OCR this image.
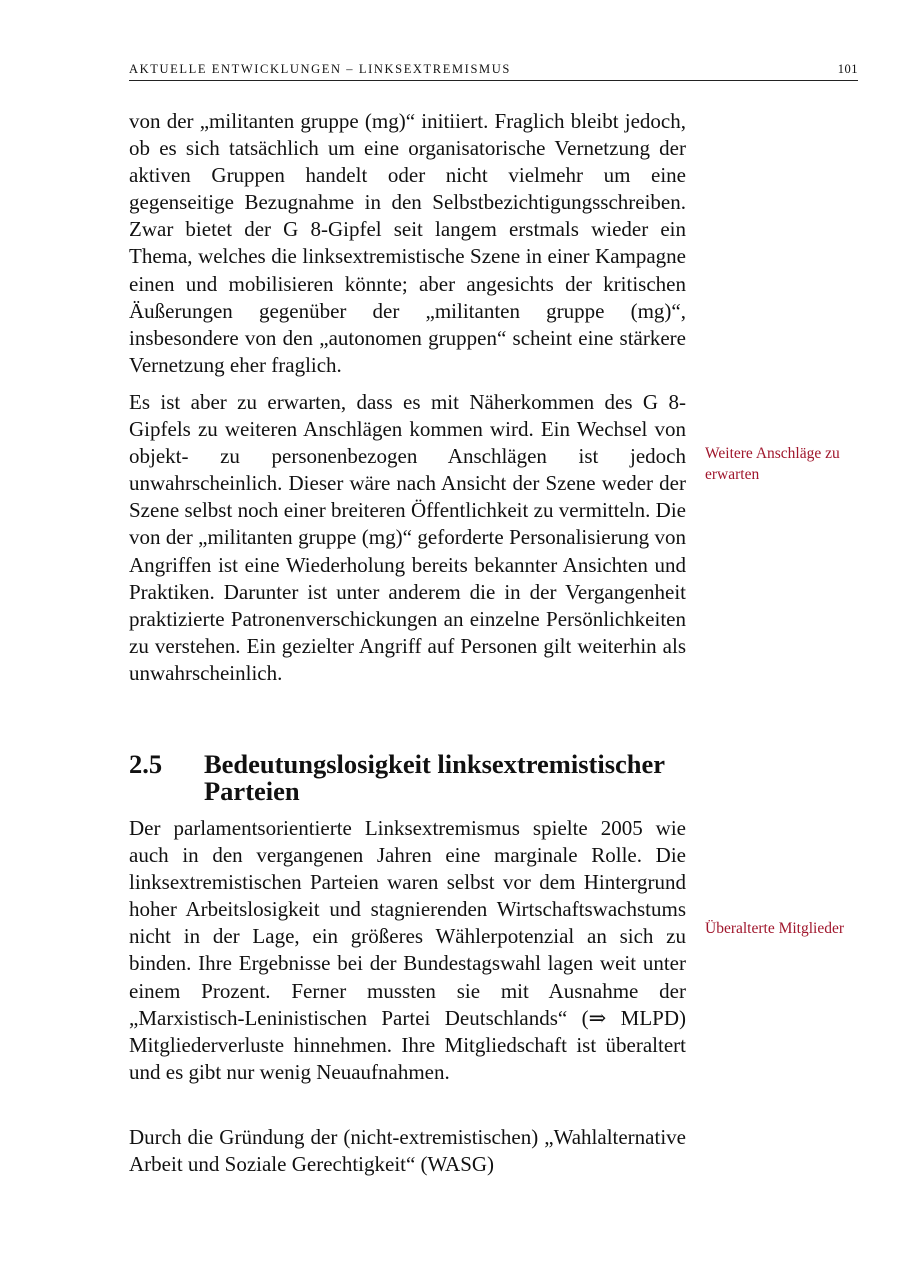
AKTUELLE ENTWICKLUNGEN – LINKSEXTREMISMUS	101

von der „militanten gruppe (mg)“ initiiert. Fraglich bleibt jedoch, ob es sich tatsächlich um eine organisatorische Vernetzung der aktiven Gruppen handelt oder nicht vielmehr um eine gegenseitige Bezugnahme in den Selbstbezichtigungsschreiben. Zwar bietet der G 8-Gipfel seit langem erstmals wieder ein Thema, welches die linksextremistische Szene in einer Kampagne einen und mobilisieren könnte; aber angesichts der kritischen Äußerungen gegenüber der „militanten gruppe (mg)“, insbesondere von den „autonomen gruppen“ scheint eine stärkere Vernetzung eher fraglich.

Es ist aber zu erwarten, dass es mit Näherkommen des G 8-Gipfels zu weiteren Anschlägen kommen wird. Ein Wechsel von objekt- zu personenbezogen Anschlägen ist jedoch unwahrscheinlich. Dieser wäre nach Ansicht der Szene weder der Szene selbst noch einer breiteren Öffentlichkeit zu vermitteln. Die von der „militanten gruppe (mg)“ geforderte Personalisierung von Angriffen ist eine Wiederholung bereits bekannter Ansichten und Praktiken. Darunter ist unter anderem die in der Vergangenheit praktizierte Patronenverschickungen an einzelne Persönlichkeiten zu verstehen. Ein gezielter Angriff auf Personen gilt weiterhin als unwahrscheinlich.

2.5 Bedeutungslosigkeit linksextremistischer Parteien

Der parlamentsorientierte Linksextremismus spielte 2005 wie auch in den vergangenen Jahren eine marginale Rolle. Die linksextremistischen Parteien waren selbst vor dem Hintergrund hoher Arbeitslosigkeit und stagnierenden Wirtschaftswachstums nicht in der Lage, ein größeres Wählerpotenzial an sich zu binden. Ihre Ergebnisse bei der Bundestagswahl lagen weit unter einem Prozent. Ferner mussten sie mit Ausnahme der „Marxistisch-Leninistischen Partei Deutschlands“ (⇒ MLPD) Mitgliederverluste hinnehmen. Ihre Mitgliedschaft ist überaltert und es gibt nur wenig Neuaufnahmen.

Durch die Gründung der (nicht-extremistischen) „Wahlalternative Arbeit und Soziale Gerechtigkeit“ (WASG)

Weitere Anschläge zu erwarten
Überalterte Mitglieder
